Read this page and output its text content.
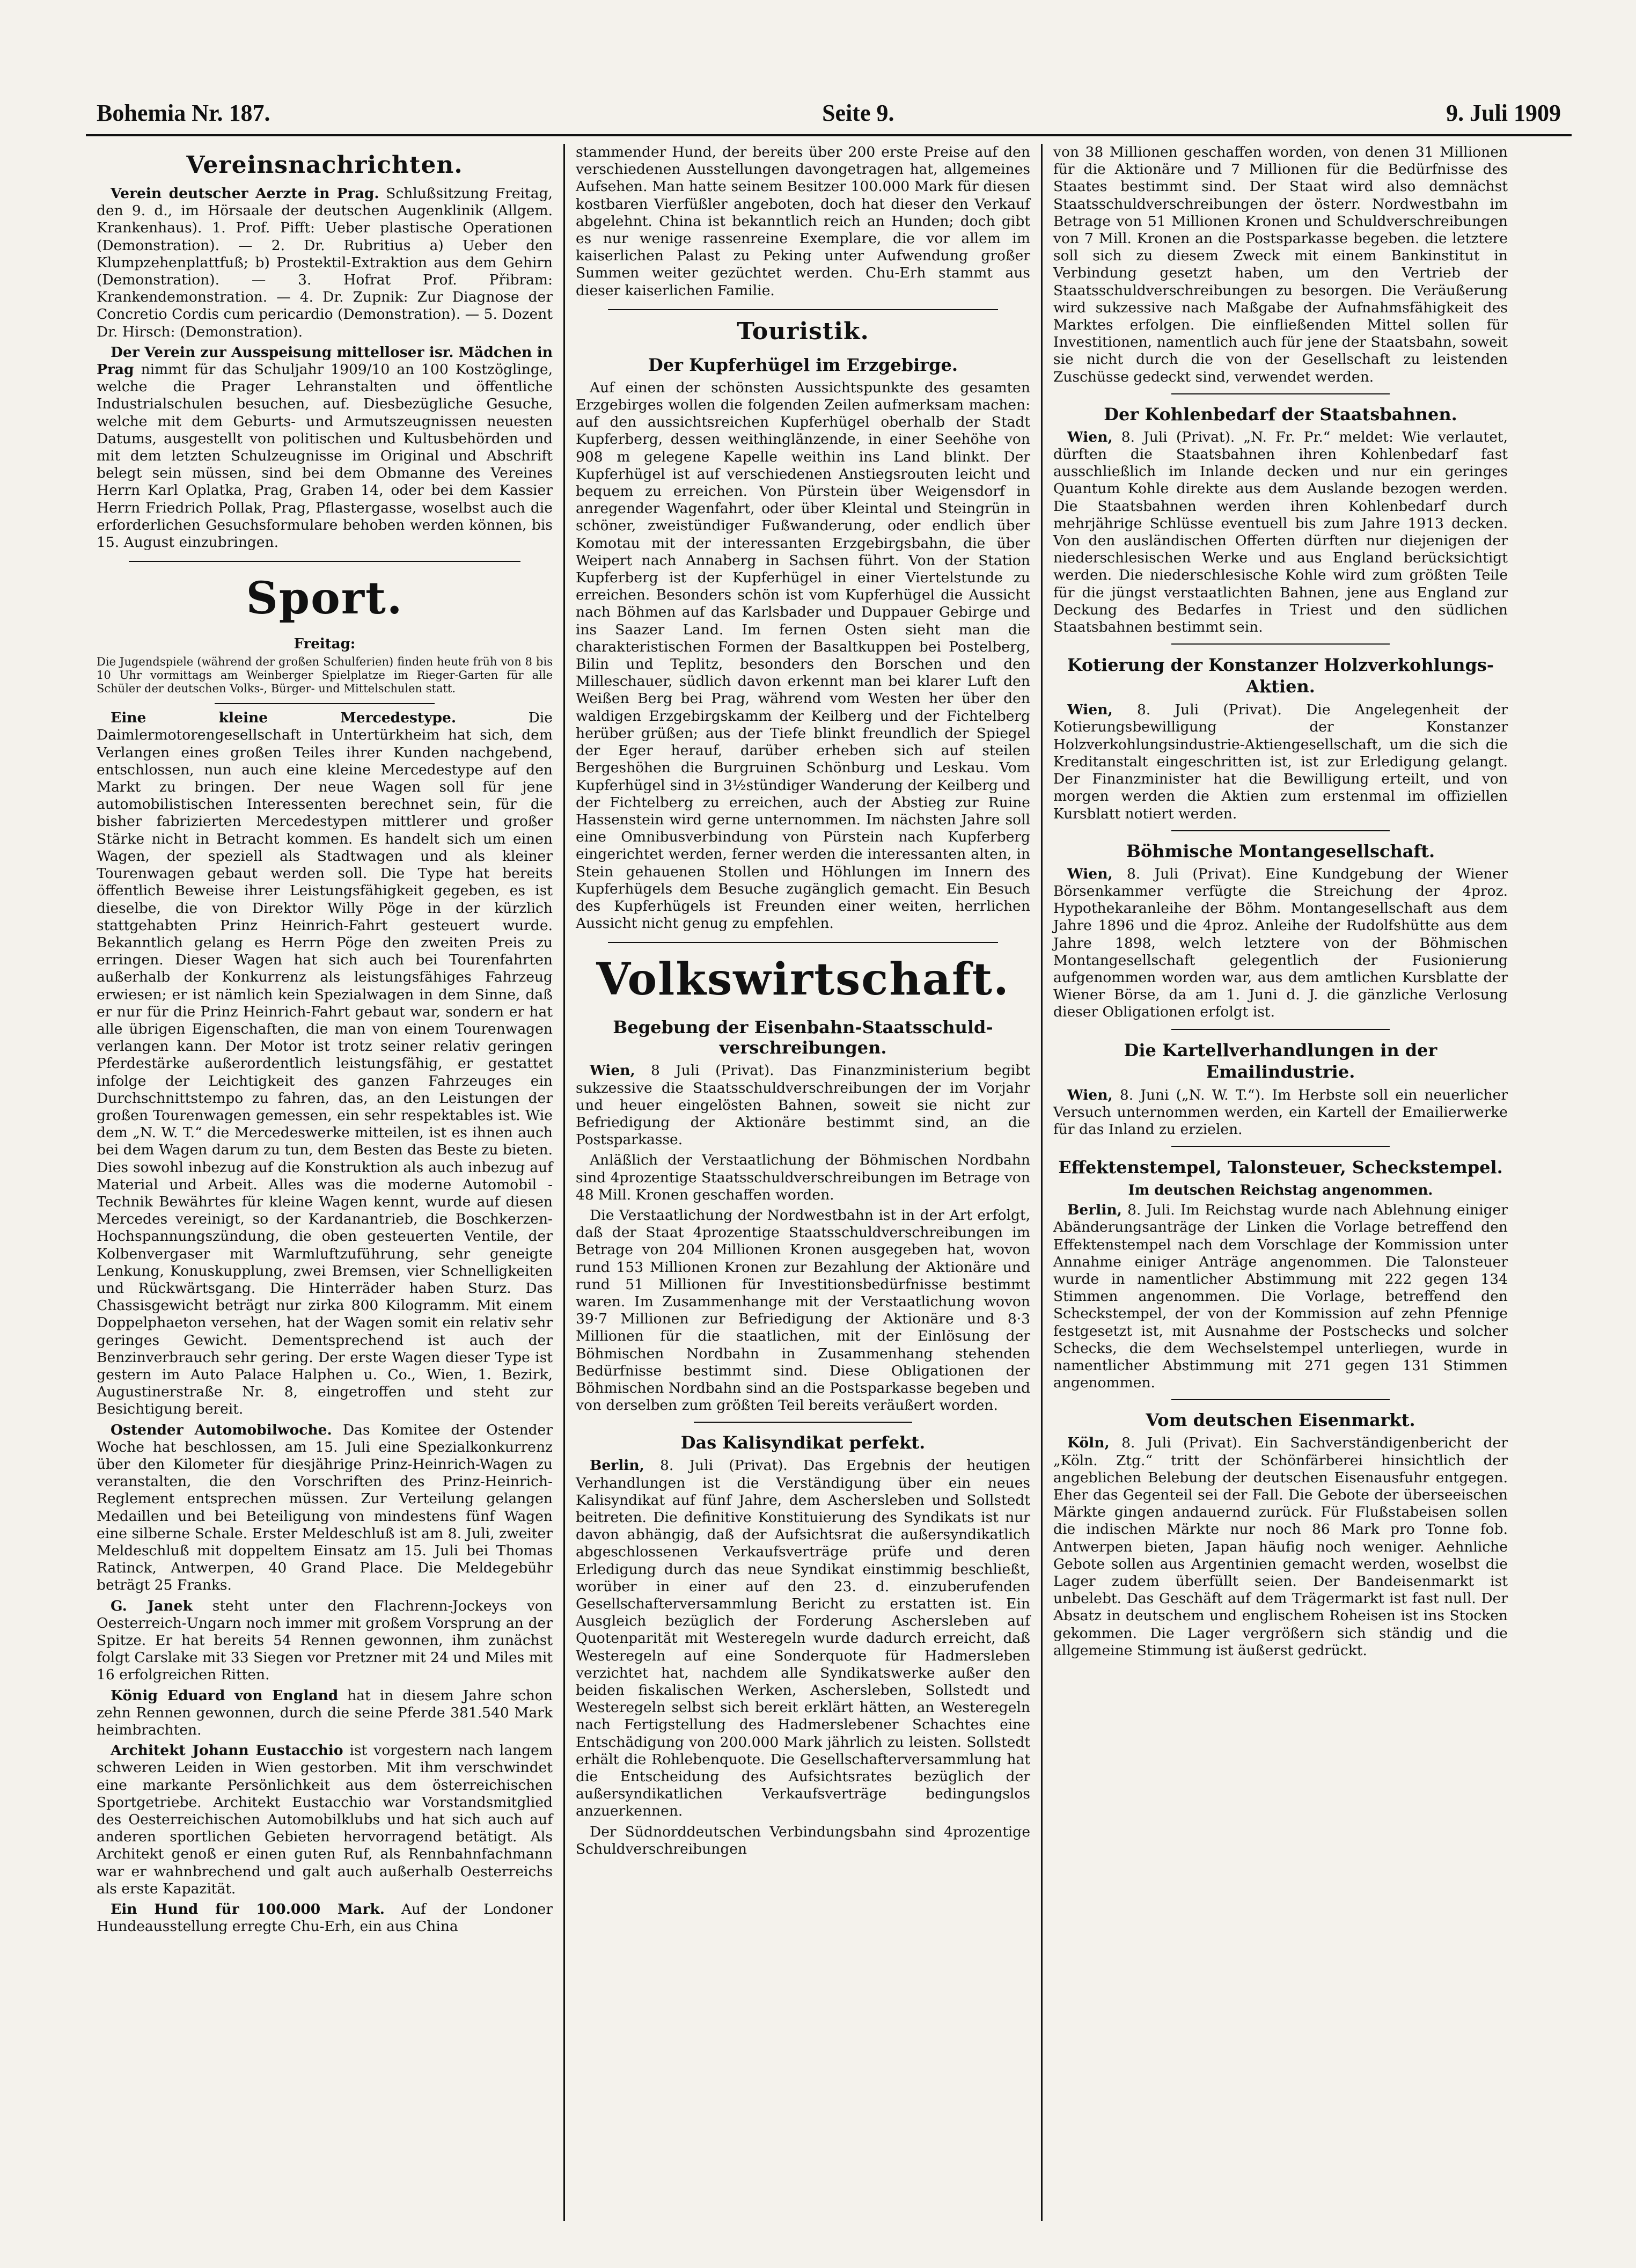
Bohemia Nr. 187.	Seite 9.	9. Juli 1909
Vereinsnachrichten.

Verein deutscher Aerzte in Prag. Schlußsitzung Freitag, den 9. d., im Hörsaale der deutschen Augenklinik (Allgem. Krankenhaus). 1. Prof. Pifft: Ueber plastische Operationen (Demonstration). — 2. Dr. Rubritius a) Ueber den Klumpzehenplattfuß; b) Prostektil-Extraktion aus dem Gehirn (Demonstration). — 3. Hofrat Prof. Přibram: Krankendemonstration. — 4. Dr. Zupnik: Zur Diagnose der Concretio Cordis cum pericardio (Demonstration). — 5. Dozent Dr. Hirsch: (Demonstration).

Der Verein zur Ausspeisung mittelloser isr. Mädchen in Prag nimmt für das Schuljahr 1909/10 an 100 Kostzöglinge, welche die Prager Lehranstalten und öffentliche Industrialschulen besuchen, auf. Diesbezügliche Gesuche, welche mit dem Geburts- und Armutszeugnissen neuesten Datums, ausgestellt von politischen und Kultusbehörden und mit dem letzten Schulzeugnisse im Original und Abschrift belegt sein müssen, sind bei dem Obmanne des Vereines Herrn Karl Oplatka, Prag, Graben 14, oder bei dem Kassier Herrn Friedrich Pollak, Prag, Pflastergasse, woselbst auch die erforderlichen Gesuchsformulare behoben werden können, bis 15. August einzubringen.

Sport.
Freitag:

Die Jugendspiele (während der großen Schulferien) finden heute früh von 8 bis 10 Uhr vormittags am Weinberger Spielplatze im Rieger-Garten für alle Schüler der deutschen Volks-, Bürger- und Mittelschulen statt.

Eine kleine Mercedestype. Die Daimlermotorengesellschaft in Untertürkheim hat sich, dem Verlangen eines großen Teiles ihrer Kunden nachgebend, entschlossen, nun auch eine kleine Mercedestype auf den Markt zu bringen. Der neue Wagen soll für jene automobilistischen Interessenten berechnet sein, für die bisher fabrizierten Mercedestypen mittlerer und großer Stärke nicht in Betracht kommen. Es handelt sich um einen Wagen, der speziell als Stadtwagen und als kleiner Tourenwagen gebaut werden soll. Die Type hat bereits öffentlich Beweise ihrer Leistungsfähigkeit gegeben, es ist dieselbe, die von Direktor Willy Pöge in der kürzlich stattgehabten Prinz Heinrich-Fahrt gesteuert wurde. Bekanntlich gelang es Herrn Pöge den zweiten Preis zu erringen. Dieser Wagen hat sich auch bei Tourenfahrten außerhalb der Konkurrenz als leistungsfähiges Fahrzeug erwiesen; er ist nämlich kein Spezialwagen in dem Sinne, daß er nur für die Prinz Heinrich-Fahrt gebaut war, sondern er hat alle übrigen Eigenschaften, die man von einem Tourenwagen verlangen kann. Der Motor ist trotz seiner relativ geringen Pferdestärke außerordentlich leistungsfähig, er gestattet infolge der Leichtigkeit des ganzen Fahrzeuges ein Durchschnittstempo zu fahren, das, an den Leistungen der großen Tourenwagen gemessen, ein sehr respektables ist. Wie dem „N. W. T.“ die Mercedeswerke mitteilen, ist es ihnen auch bei dem Wagen darum zu tun, dem Besten das Beste zu bieten. Dies sowohl inbezug auf die Konstruktion als auch inbezug auf Material und Arbeit. Alles was die moderne Automobil - Technik Bewährtes für kleine Wagen kennt, wurde auf diesen Mercedes vereinigt, so der Kardanantrieb, die Boschkerzen-Hochspannungszündung, die oben gesteuerten Ventile, der Kolbenvergaser mit Warmluftzuführung, sehr geneigte Lenkung, Konuskupplung, zwei Bremsen, vier Schnelligkeiten und Rückwärtsgang. Die Hinterräder haben Sturz. Das Chassisgewicht beträgt nur zirka 800 Kilogramm. Mit einem Doppelphaeton versehen, hat der Wagen somit ein relativ sehr geringes Gewicht. Dementsprechend ist auch der Benzinverbrauch sehr gering. Der erste Wagen dieser Type ist gestern im Auto Palace Halphen u. Co., Wien, 1. Bezirk, Augustinerstraße Nr. 8, eingetroffen und steht zur Besichtigung bereit.

Ostender Automobilwoche. Das Komitee der Ostender Woche hat beschlossen, am 15. Juli eine Spezialkonkurrenz über den Kilometer für diesjährige Prinz-Heinrich-Wagen zu veranstalten, die den Vorschriften des Prinz-Heinrich-Reglement entsprechen müssen. Zur Verteilung gelangen Medaillen und bei Beteiligung von mindestens fünf Wagen eine silberne Schale. Erster Meldeschluß ist am 8. Juli, zweiter Meldeschluß mit doppeltem Einsatz am 15. Juli bei Thomas Ratinck, Antwerpen, 40 Grand Place. Die Meldegebühr beträgt 25 Franks.

G. Janek steht unter den Flachrenn-Jockeys von Oesterreich-Ungarn noch immer mit großem Vorsprung an der Spitze. Er hat bereits 54 Rennen gewonnen, ihm zunächst folgt Carslake mit 33 Siegen vor Pretzner mit 24 und Miles mit 16 erfolgreichen Ritten.

König Eduard von England hat in diesem Jahre schon zehn Rennen gewonnen, durch die seine Pferde 381.540 Mark heimbrachten.

Architekt Johann Eustacchio ist vorgestern nach langem schweren Leiden in Wien gestorben. Mit ihm verschwindet eine markante Persönlichkeit aus dem österreichischen Sportgetriebe. Architekt Eustacchio war Vorstandsmitglied des Oesterreichischen Automobilklubs und hat sich auch auf anderen sportlichen Gebieten hervorragend betätigt. Als Architekt genoß er einen guten Ruf, als Rennbahnfachmann war er wahnbrechend und galt auch außerhalb Oesterreichs als erste Kapazität.

Ein Hund für 100.000 Mark. Auf der Londoner Hundeausstellung erregte Chu-Erh, ein aus China

stammender Hund, der bereits über 200 erste Preise auf den verschiedenen Ausstellungen davongetragen hat, allgemeines Aufsehen. Man hatte seinem Besitzer 100.000 Mark für diesen kostbaren Vierfüßler angeboten, doch hat dieser den Verkauf abgelehnt. China ist bekanntlich reich an Hunden; doch gibt es nur wenige rassenreine Exemplare, die vor allem im kaiserlichen Palast zu Peking unter Aufwendung großer Summen weiter gezüchtet werden. Chu-Erh stammt aus dieser kaiserlichen Familie.

Touristik.
Der Kupferhügel im Erzgebirge.

Auf einen der schönsten Aussichtspunkte des gesamten Erzgebirges wollen die folgenden Zeilen aufmerksam machen: auf den aussichtsreichen Kupferhügel oberhalb der Stadt Kupferberg, dessen weithinglänzende, in einer Seehöhe von 908 m gelegene Kapelle weithin ins Land blinkt. Der Kupferhügel ist auf verschiedenen Anstiegsrouten leicht und bequem zu erreichen. Von Pürstein über Weigensdorf in anregender Wagenfahrt, oder über Kleintal und Steingrün in schöner, zweistündiger Fußwanderung, oder endlich über Komotau mit der interessanten Erzgebirgsbahn, die über Weipert nach Annaberg in Sachsen führt. Von der Station Kupferberg ist der Kupferhügel in einer Viertelstunde zu erreichen. Besonders schön ist vom Kupferhügel die Aussicht nach Böhmen auf das Karlsbader und Duppauer Gebirge und ins Saazer Land. Im fernen Osten sieht man die charakteristischen Formen der Basaltkuppen bei Postelberg, Bilin und Teplitz, besonders den Borschen und den Milleschauer, südlich davon erkennt man bei klarer Luft den Weißen Berg bei Prag, während vom Westen her über den waldigen Erzgebirgskamm der Keilberg und der Fichtelberg herüber grüßen; aus der Tiefe blinkt freundlich der Spiegel der Eger herauf, darüber erheben sich auf steilen Bergeshöhen die Burgruinen Schönburg und Leskau. Vom Kupferhügel sind in 3½stündiger Wanderung der Keilberg und der Fichtelberg zu erreichen, auch der Abstieg zur Ruine Hassenstein wird gerne unternommen. Im nächsten Jahre soll eine Omnibusverbindung von Pürstein nach Kupferberg eingerichtet werden, ferner werden die interessanten alten, in Stein gehauenen Stollen und Höhlungen im Innern des Kupferhügels dem Besuche zugänglich gemacht. Ein Besuch des Kupferhügels ist Freunden einer weiten, herrlichen Aussicht nicht genug zu empfehlen.

Volkswirtschaft.
Begebung der Eisenbahn-Staatsschuld-verschreibungen.

Wien, 8 Juli (Privat). Das Finanzministerium begibt sukzessive die Staatsschuldverschreibungen der im Vorjahr und heuer eingelösten Bahnen, soweit sie nicht zur Befriedigung der Aktionäre bestimmt sind, an die Postsparkasse.

Anläßlich der Verstaatlichung der Böhmischen Nordbahn sind 4prozentige Staatsschuldverschreibungen im Betrage von 48 Mill. Kronen geschaffen worden.

Die Verstaatlichung der Nordwestbahn ist in der Art erfolgt, daß der Staat 4prozentige Staatsschuldverschreibungen im Betrage von 204 Millionen Kronen ausgegeben hat, wovon rund 153 Millionen Kronen zur Bezahlung der Aktionäre und rund 51 Millionen für Investitionsbedürfnisse bestimmt waren. Im Zusammenhange mit der Verstaatlichung wovon 39·7 Millionen zur Befriedigung der Aktionäre und 8·3 Millionen für die staatlichen, mit der Einlösung der Böhmischen Nordbahn in Zusammenhang stehenden Bedürfnisse bestimmt sind. Diese Obligationen der Böhmischen Nordbahn sind an die Postsparkasse begeben und von derselben zum größten Teil bereits veräußert worden.

Das Kalisyndikat perfekt.

Berlin, 8. Juli (Privat). Das Ergebnis der heutigen Verhandlungen ist die Verständigung über ein neues Kalisyndikat auf fünf Jahre, dem Aschersleben und Sollstedt beitreten. Die definitive Konstituierung des Syndikats ist nur davon abhängig, daß der Aufsichtsrat die außersyndikatlich abgeschlossenen Verkaufsverträge prüfe und deren Erledigung durch das neue Syndikat einstimmig beschließt, worüber in einer auf den 23. d. einzuberufenden Gesellschafterversammlung Bericht zu erstatten ist. Ein Ausgleich bezüglich der Forderung Aschersleben auf Quotenparität mit Westeregeln wurde dadurch erreicht, daß Westeregeln auf eine Sonderquote für Hadmersleben verzichtet hat, nachdem alle Syndikatswerke außer den beiden fiskalischen Werken, Aschersleben, Sollstedt und Westeregeln selbst sich bereit erklärt hätten, an Westeregeln nach Fertigstellung des Hadmerslebener Schachtes eine Entschädigung von 200.000 Mark jährlich zu leisten. Sollstedt erhält die Rohlebenquote. Die Gesellschafterversammlung hat die Entscheidung des Aufsichtsrates bezüglich der außersyndikatlichen Verkaufsverträge bedingungslos anzuerkennen.

Der Südnorddeutschen Verbindungsbahn sind 4prozentige Schuldverschreibungen

von 38 Millionen geschaffen worden, von denen 31 Millionen für die Aktionäre und 7 Millionen für die Bedürfnisse des Staates bestimmt sind. Der Staat wird also demnächst Staatsschuldverschreibungen der österr. Nordwestbahn im Betrage von 51 Millionen Kronen und Schuldverschreibungen von 7 Mill. Kronen an die Postsparkasse begeben. die letztere soll sich zu diesem Zweck mit einem Bankinstitut in Verbindung gesetzt haben, um den Vertrieb der Staatsschuldverschreibungen zu besorgen. Die Veräußerung wird sukzessive nach Maßgabe der Aufnahmsfähigkeit des Marktes erfolgen. Die einfließenden Mittel sollen für Investitionen, namentlich auch für jene der Staatsbahn, soweit sie nicht durch die von der Gesellschaft zu leistenden Zuschüsse gedeckt sind, verwendet werden.

Der Kohlenbedarf der Staatsbahnen.

Wien, 8. Juli (Privat). „N. Fr. Pr.“ meldet: Wie verlautet, dürften die Staatsbahnen ihren Kohlenbedarf fast ausschließlich im Inlande decken und nur ein geringes Quantum Kohle direkte aus dem Auslande bezogen werden. Die Staatsbahnen werden ihren Kohlenbedarf durch mehrjährige Schlüsse eventuell bis zum Jahre 1913 decken. Von den ausländischen Offerten dürften nur diejenigen der niederschlesischen Werke und aus England berücksichtigt werden. Die niederschlesische Kohle wird zum größten Teile für die jüngst verstaatlichten Bahnen, jene aus England zur Deckung des Bedarfes in Triest und den südlichen Staatsbahnen bestimmt sein.

Kotierung der Konstanzer Holzverkohlungs-Aktien.

Wien, 8. Juli (Privat). Die Angelegenheit der Kotierungsbewilligung der Konstanzer Holzverkohlungsindustrie-Aktiengesellschaft, um die sich die Kreditanstalt eingeschritten ist, ist zur Erledigung gelangt. Der Finanzminister hat die Bewilligung erteilt, und von morgen werden die Aktien zum erstenmal im offiziellen Kursblatt notiert werden.

Böhmische Montangesellschaft.

Wien, 8. Juli (Privat). Eine Kundgebung der Wiener Börsenkammer verfügte die Streichung der 4proz. Hypothekaranleihe der Böhm. Montangesellschaft aus dem Jahre 1896 und die 4proz. Anleihe der Rudolfshütte aus dem Jahre 1898, welch letztere von der Böhmischen Montangesellschaft gelegentlich der Fusionierung aufgenommen worden war, aus dem amtlichen Kursblatte der Wiener Börse, da am 1. Juni d. J. die gänzliche Verlosung dieser Obligationen erfolgt ist.

Die Kartellverhandlungen in der Emailindustrie.

Wien, 8. Juni („N. W. T.“). Im Herbste soll ein neuerlicher Versuch unternommen werden, ein Kartell der Emailierwerke für das Inland zu erzielen.

Effektenstempel, Talonsteuer, Scheckstempel.
Im deutschen Reichstag angenommen.

Berlin, 8. Juli. Im Reichstag wurde nach Ablehnung einiger Abänderungsanträge der Linken die Vorlage betreffend den Effektenstempel nach dem Vorschlage der Kommission unter Annahme einiger Anträge angenommen. Die Talonsteuer wurde in namentlicher Abstimmung mit 222 gegen 134 Stimmen angenommen. Die Vorlage, betreffend den Scheckstempel, der von der Kommission auf zehn Pfennige festgesetzt ist, mit Ausnahme der Postschecks und solcher Schecks, die dem Wechselstempel unterliegen, wurde in namentlicher Abstimmung mit 271 gegen 131 Stimmen angenommen.

Vom deutschen Eisenmarkt.

Köln, 8. Juli (Privat). Ein Sachverständigenbericht der „Köln. Ztg.“ tritt der Schönfärberei hinsichtlich der angeblichen Belebung der deutschen Eisenausfuhr entgegen. Eher das Gegenteil sei der Fall. Die Gebote der überseeischen Märkte gingen andauernd zurück. Für Flußstabeisen sollen die indischen Märkte nur noch 86 Mark pro Tonne fob. Antwerpen bieten, Japan häufig noch weniger. Aehnliche Gebote sollen aus Argentinien gemacht werden, woselbst die Lager zudem überfüllt seien. Der Bandeisenmarkt ist unbelebt. Das Geschäft auf dem Trägermarkt ist fast null. Der Absatz in deutschem und englischem Roheisen ist ins Stocken gekommen. Die Lager vergrößern sich ständig und die allgemeine Stimmung ist äußerst gedrückt.
